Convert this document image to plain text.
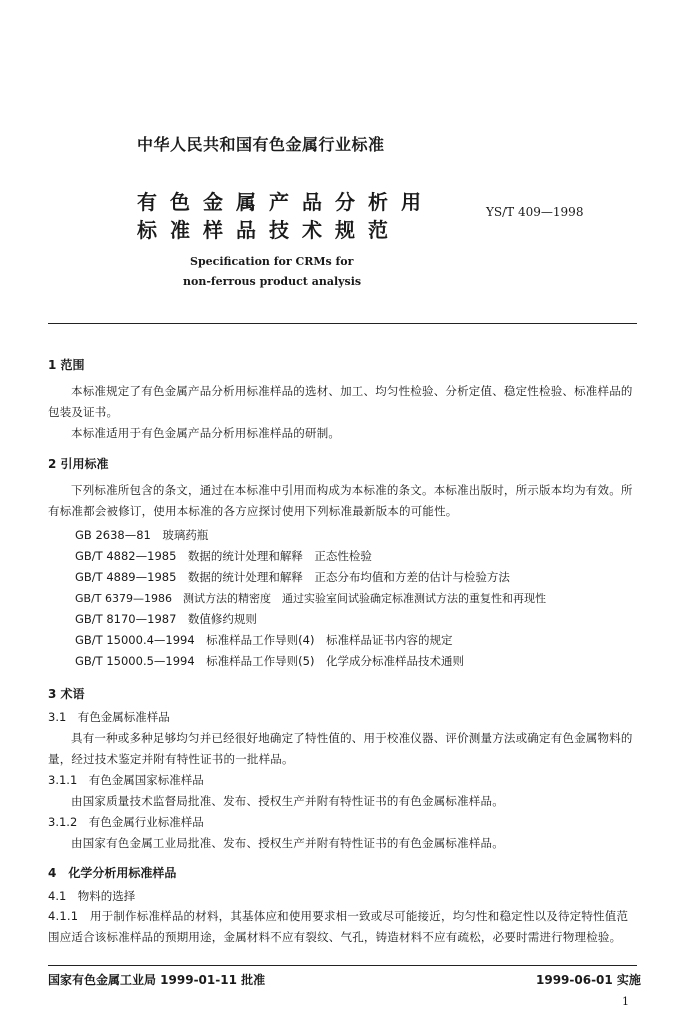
中华人民共和国有色金属行业标准
有色金属产品分析用
标准样品技术规范
YS/T 409—1998
Specification for CRMs for
non-ferrous product analysis
1 范围
本标准规定了有色金属产品分析用标准样品的选材、加工、均匀性检验、分析定值、稳定性检验、标准样品的包装及证书。
本标准适用于有色金属产品分析用标准样品的研制。
2 引用标准
下列标准所包含的条文，通过在本标准中引用而构成为本标准的条文。本标准出版时，所示版本均为有效。所有标准都会被修订，使用本标准的各方应探讨使用下列标准最新版本的可能性。
GB 2638—81　玻璃药瓶
GB/T 4882—1985　数据的统计处理和解释　正态性检验
GB/T 4889—1985　数据的统计处理和解释　正态分布均值和方差的估计与检验方法
GB/T 6379—1986　测试方法的精密度　通过实验室间试验确定标准测试方法的重复性和再现性
GB/T 8170—1987　数值修约规则
GB/T 15000.4—1994　标准样品工作导则(4)　标准样品证书内容的规定
GB/T 15000.5—1994　标准样品工作导则(5)　化学成分标准样品技术通则
3 术语
3.1　有色金属标准样品
具有一种或多种足够均匀并已经很好地确定了特性值的、用于校准仪器、评价测量方法或确定有色金属物料的量，经过技术鉴定并附有特性证书的一批样品。
3.1.1　有色金属国家标准样品
由国家质量技术监督局批准、发布、授权生产并附有特性证书的有色金属标准样品。
3.1.2　有色金属行业标准样品
由国家有色金属工业局批准、发布、授权生产并附有特性证书的有色金属标准样品。
4　化学分析用标准样品
4.1　物料的选择
4.1.1　用于制作标准样品的材料，其基体应和使用要求相一致或尽可能接近，均匀性和稳定性以及待定特性值范围应适合该标准样品的预期用途，金属材料不应有裂纹、气孔，铸造材料不应有疏松，必要时需进行物理检验。
国家有色金属工业局 1999-01-11 批准	1999-06-01 实施
1
